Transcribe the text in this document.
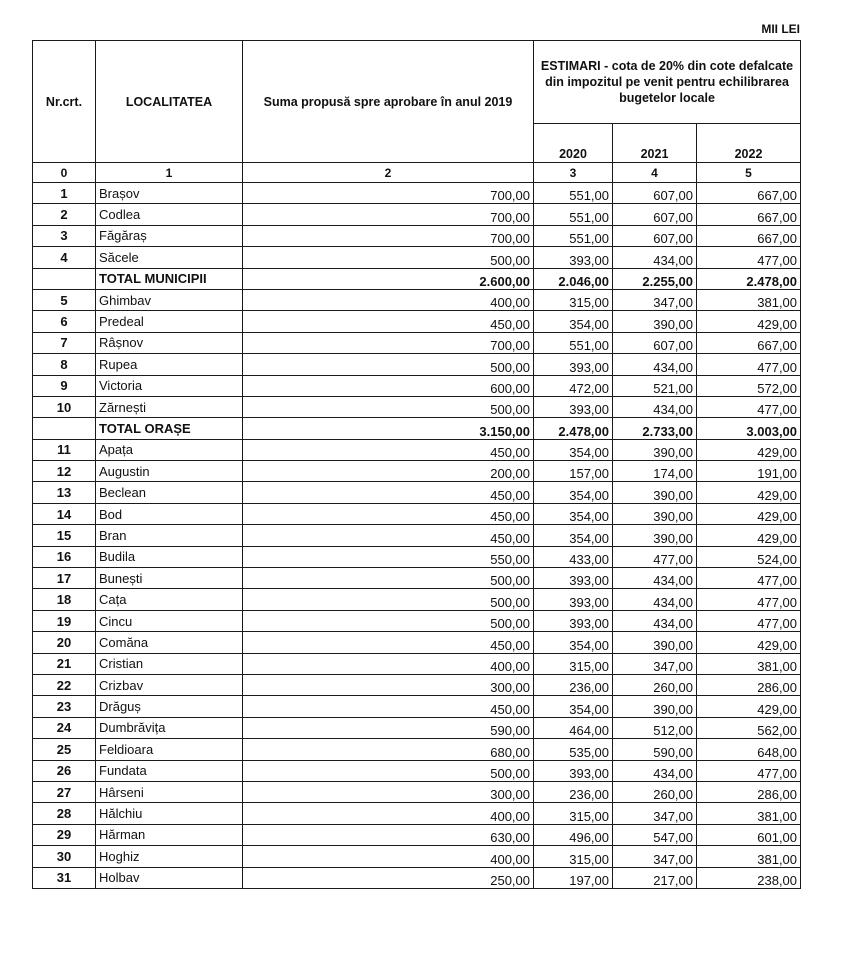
MII LEI
Nr.crt.	LOCALITATEA	Suma propusă spre aprobare în anul 2019	ESTIMARI - cota de 20% din cote defalcate din impozitul pe venit pentru echilibrarea bugetelor locale		
			2020	2021	2022
0	1	2	3	4	5
1	Brașov	700,00	551,00	607,00	667,00
2	Codlea	700,00	551,00	607,00	667,00
3	Făgăraș	700,00	551,00	607,00	667,00
4	Săcele	500,00	393,00	434,00	477,00
	TOTAL MUNICIPII	2.600,00	2.046,00	2.255,00	2.478,00
5	Ghimbav	400,00	315,00	347,00	381,00
6	Predeal	450,00	354,00	390,00	429,00
7	Râșnov	700,00	551,00	607,00	667,00
8	Rupea	500,00	393,00	434,00	477,00
9	Victoria	600,00	472,00	521,00	572,00
10	Zărnești	500,00	393,00	434,00	477,00
	TOTAL ORAȘE	3.150,00	2.478,00	2.733,00	3.003,00
11	Apața	450,00	354,00	390,00	429,00
12	Augustin	200,00	157,00	174,00	191,00
13	Beclean	450,00	354,00	390,00	429,00
14	Bod	450,00	354,00	390,00	429,00
15	Bran	450,00	354,00	390,00	429,00
16	Budila	550,00	433,00	477,00	524,00
17	Bunești	500,00	393,00	434,00	477,00
18	Cața	500,00	393,00	434,00	477,00
19	Cincu	500,00	393,00	434,00	477,00
20	Comăna	450,00	354,00	390,00	429,00
21	Cristian	400,00	315,00	347,00	381,00
22	Crizbav	300,00	236,00	260,00	286,00
23	Drăguș	450,00	354,00	390,00	429,00
24	Dumbrăvița	590,00	464,00	512,00	562,00
25	Feldioara	680,00	535,00	590,00	648,00
26	Fundata	500,00	393,00	434,00	477,00
27	Hârseni	300,00	236,00	260,00	286,00
28	Hălchiu	400,00	315,00	347,00	381,00
29	Hărman	630,00	496,00	547,00	601,00
30	Hoghiz	400,00	315,00	347,00	381,00
31	Holbav	250,00	197,00	217,00	238,00
